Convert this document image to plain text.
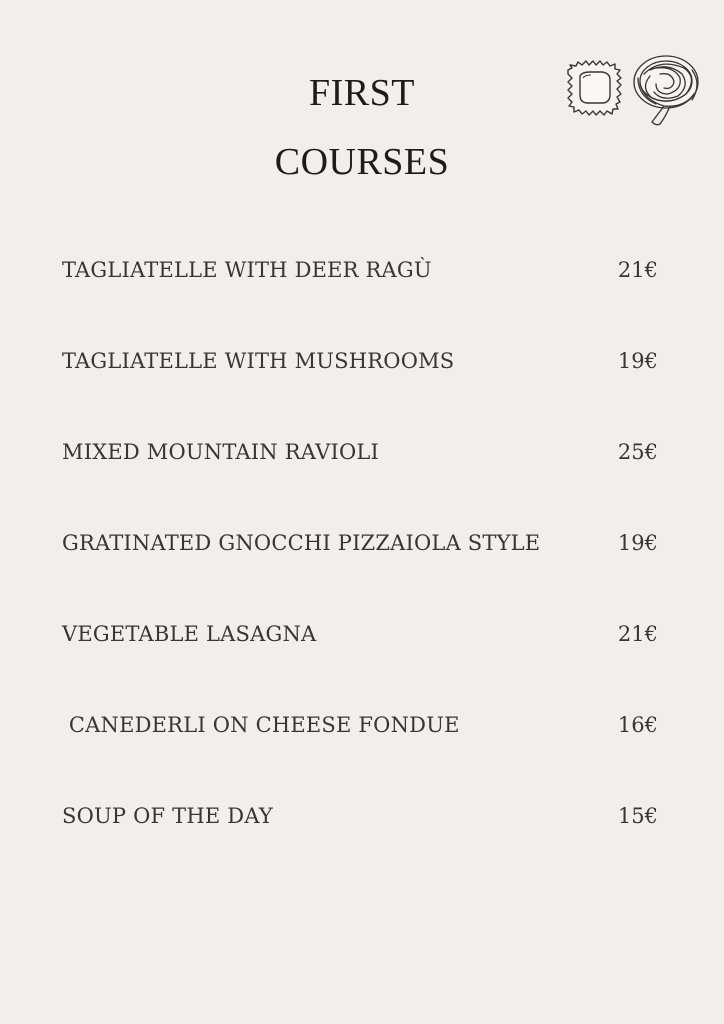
FIRST
COURSES
TAGLIATELLE WITH DEER RAGÙ	21€
TAGLIATELLE WITH MUSHROOMS	19€
MIXED MOUNTAIN RAVIOLI	25€
GRATINATED GNOCCHI PIZZAIOLA STYLE	19€
VEGETABLE LASAGNA	21€
CANEDERLI ON CHEESE FONDUE	16€
SOUP OF THE DAY	15€
